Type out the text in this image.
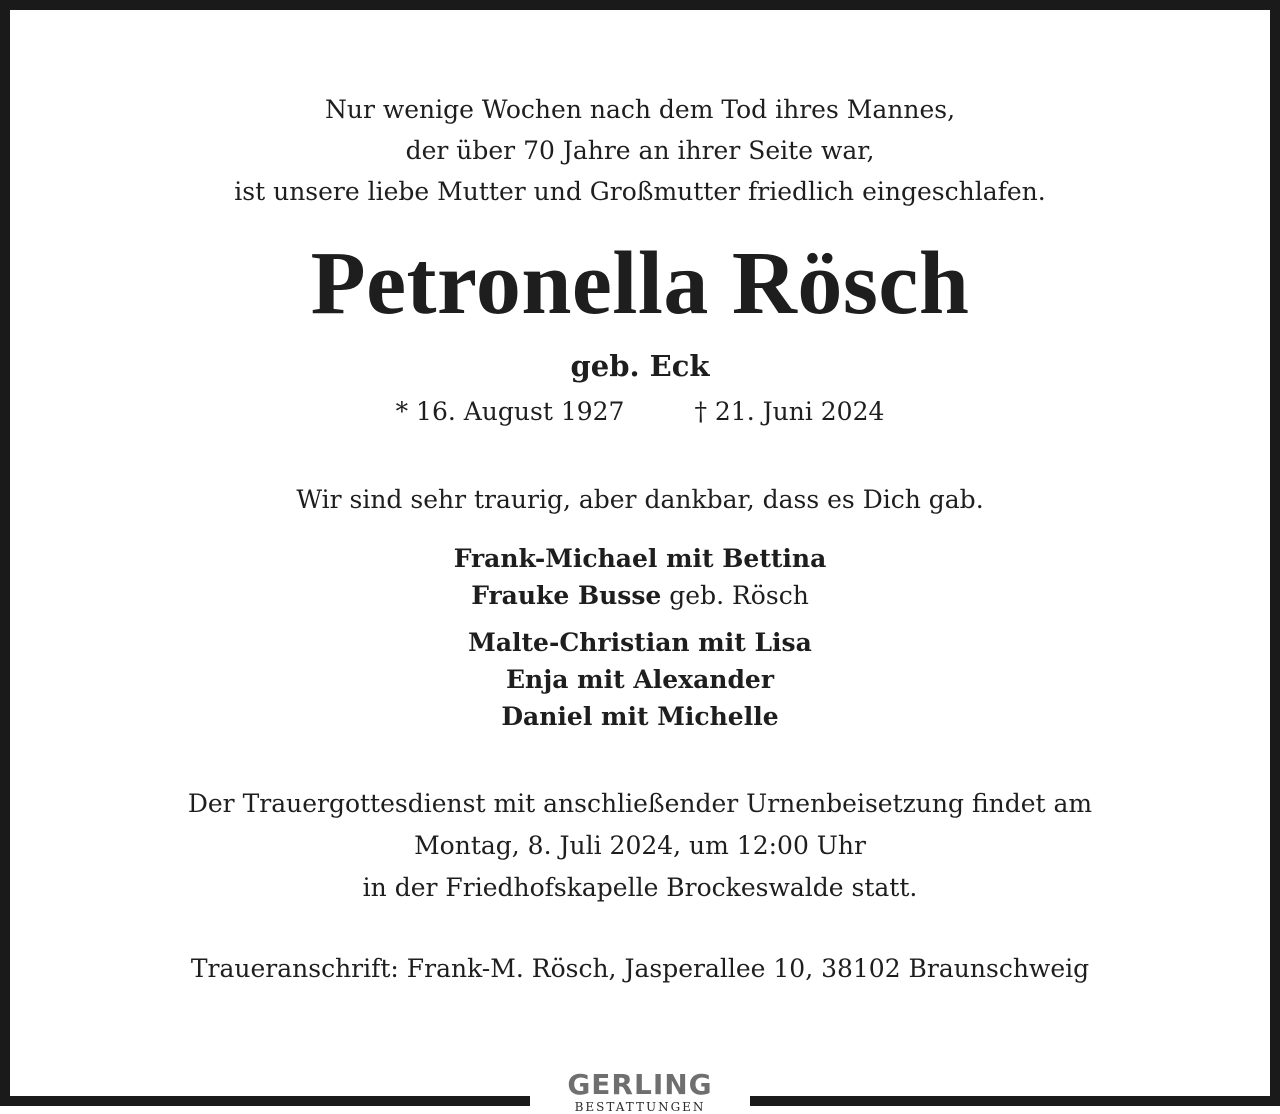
Nur wenige Wochen nach dem Tod ihres Mannes,
der über 70 Jahre an ihrer Seite war,
ist unsere liebe Mutter und Großmutter friedlich eingeschlafen.
Petronella Rösch
geb. Eck
* 16. August 1927	† 21. Juni 2024
Wir sind sehr traurig, aber dankbar, dass es Dich gab.
Frank-Michael mit Bettina
Frauke Busse geb. Rösch
Malte-Christian mit Lisa
Enja mit Alexander
Daniel mit Michelle
Der Trauergottesdienst mit anschließender Urnenbeisetzung findet am
Montag, 8. Juli 2024, um 12:00 Uhr
in der Friedhofskapelle Brockeswalde statt.
Traueranschrift: Frank-M. Rösch, Jasperallee 10, 38102 Braunschweig
GERLING
BESTATTUNGEN
